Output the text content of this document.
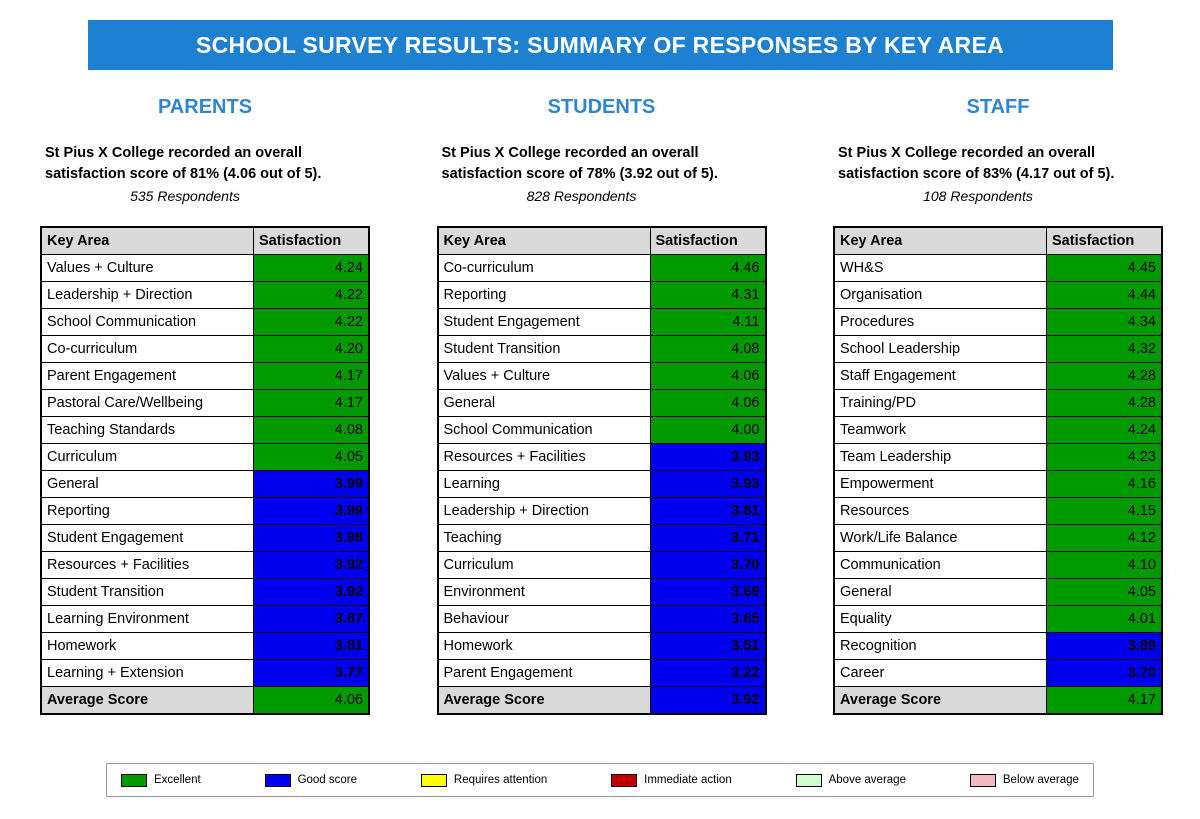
SCHOOL SURVEY RESULTS: SUMMARY OF RESPONSES BY KEY AREA
PARENTS
St Pius X College recorded an overall
satisfaction score of 81% (4.06 out of 5).
535 Respondents
Key Area	Satisfaction
Values + Culture	4.24
Leadership + Direction	4.22
School Communication	4.22
Co-curriculum	4.20
Parent Engagement	4.17
Pastoral Care/Wellbeing	4.17
Teaching Standards	4.08
Curriculum	4.05
General	3.99
Reporting	3.99
Student Engagement	3.98
Resources + Facilities	3.92
Student Transition	3.92
Learning Environment	3.87
Homework	3.81
Learning + Extension	3.77
Average Score	4.06
STUDENTS
St Pius X College recorded an overall
satisfaction score of 78% (3.92 out of 5).
828 Respondents
Key Area	Satisfaction
Co-curriculum	4.46
Reporting	4.31
Student Engagement	4.11
Student Transition	4.08
Values + Culture	4.06
General	4.06
School Communication	4.00
Resources + Facilities	3.93
Learning	3.93
Leadership + Direction	3.81
Teaching	3.71
Curriculum	3.70
Environment	3.69
Behaviour	3.65
Homework	3.51
Parent Engagement	3.22
Average Score	3.92
STAFF
St Pius X College recorded an overall
satisfaction score of 83% (4.17 out of 5).
108 Respondents
Key Area	Satisfaction
WH&S	4.45
Organisation	4.44
Procedures	4.34
School Leadership	4.32
Staff Engagement	4.28
Training/PD	4.28
Teamwork	4.24
Team Leadership	4.23
Empowerment	4.16
Resources	4.15
Work/Life Balance	4.12
Communication	4.10
General	4.05
Equality	4.01
Recognition	3.89
Career	3.70
Average Score	4.17
Excellent	Good score	Requires attention	Immediate action	Above average	Below average
